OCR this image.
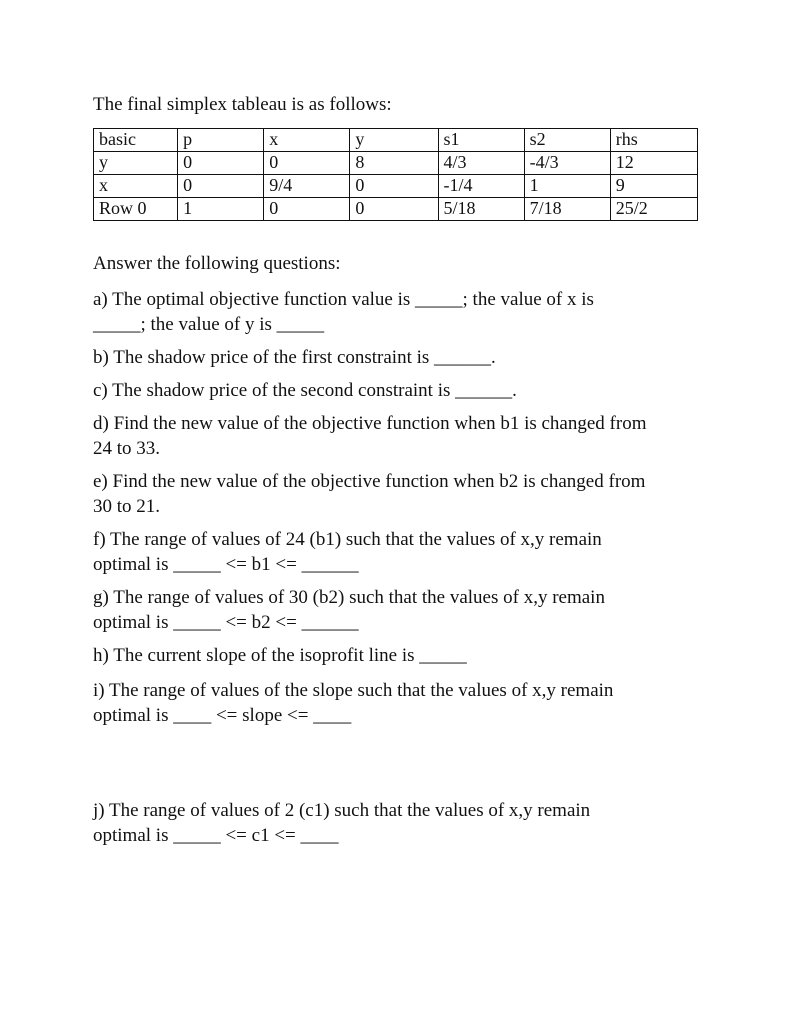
The final simplex tableau is as follows:

basic	p	x	y	s1	s2	rhs
y	0	0	8	4/3	-4/3	12
x	0	9/4	0	-1/4	1	9
Row 0	1	0	0	5/18	7/18	25/2

Answer the following questions:

a) The optimal objective function value is _____; the value of x is
_____; the value of y is _____
b) The shadow price of the first constraint is ______.
c) The shadow price of the second constraint is ______.
d) Find the new value of the objective function when b1 is changed from
24 to 33.
e) Find the new value of the objective function when b2 is changed from
30 to 21.
f) The range of values of 24 (b1) such that the values of x,y remain
optimal is _____ <= b1 <= ______
g) The range of values of 30 (b2) such that the values of x,y remain
optimal is _____ <= b2 <= ______
h) The current slope of the isoprofit line is _____
i) The range of values of the slope such that the values of x,y remain
optimal is ____ <= slope <= ____
j) The range of values of 2 (c1) such that the values of x,y remain
optimal is _____ <= c1 <= ____
